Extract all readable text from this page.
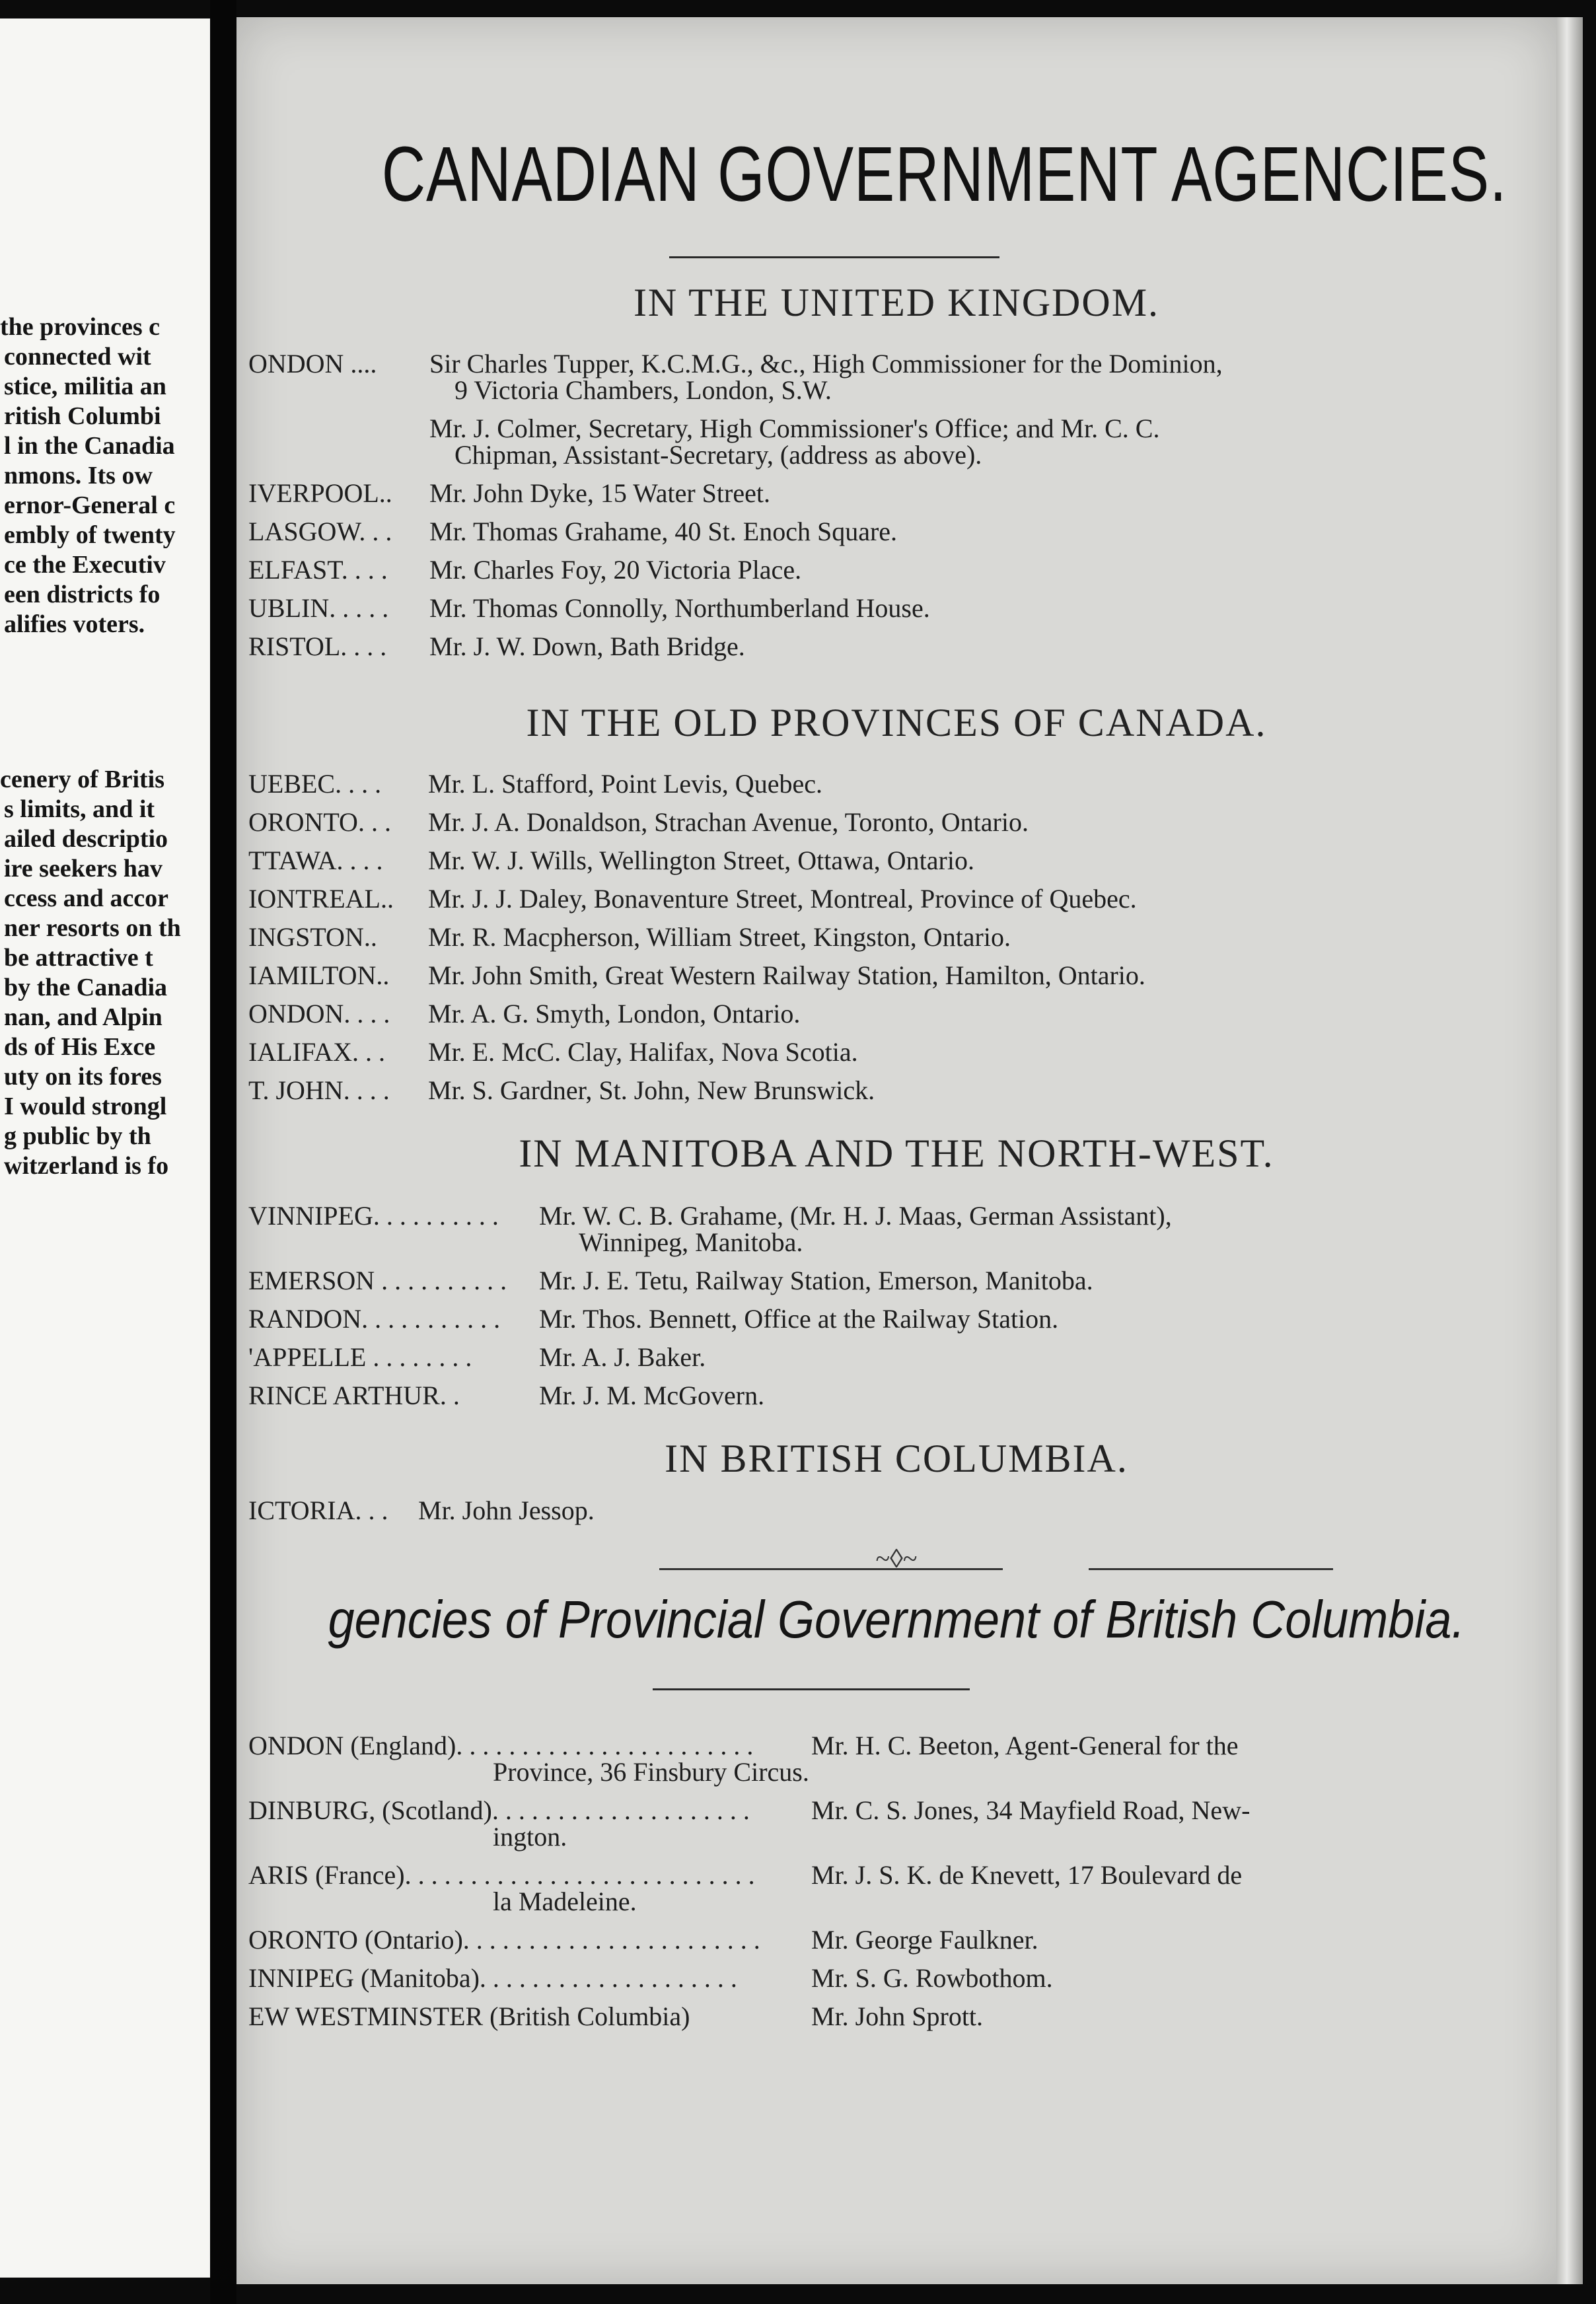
the provinces c
connected wit
stice, militia an
ritish Columbi
l in the Canadia
nmons. Its ow
ernor-General c
embly of twenty
ce the Executiv
een districts fo
alifies voters.
cenery of Britis
s limits, and it
ailed descriptio
ire seekers hav
ccess and accor
ner resorts on th
be attractive t
by the Canadia
nan, and Alpin
ds of His Exce
uty on its fores
I would strongl
g public by th
witzerland is fo
CANADIAN GOVERNMENT AGENCIES.
IN THE UNITED KINGDOM.
ONDON .... Sir Charles Tupper, K.C.M.G., &c., High Commissioner for the Dominion,
9 Victoria Chambers, London, S.W.
Mr. J. Colmer, Secretary, High Commissioner's Office; and Mr. C. C.
Chipman, Assistant-Secretary, (address as above).
IVERPOOL.. Mr. John Dyke, 15 Water Street.
LASGOW. . . Mr. Thomas Grahame, 40 St. Enoch Square.
ELFAST. . . . Mr. Charles Foy, 20 Victoria Place.
UBLIN. . . . . Mr. Thomas Connolly, Northumberland House.
RISTOL. . . . Mr. J. W. Down, Bath Bridge.
IN THE OLD PROVINCES OF CANADA.
UEBEC. . . . Mr. L. Stafford, Point Levis, Quebec.
ORONTO. . . Mr. J. A. Donaldson, Strachan Avenue, Toronto, Ontario.
TTAWA. . . . Mr. W. J. Wills, Wellington Street, Ottawa, Ontario.
IONTREAL.. Mr. J. J. Daley, Bonaventure Street, Montreal, Province of Quebec.
INGSTON.. Mr. R. Macpherson, William Street, Kingston, Ontario.
IAMILTON.. Mr. John Smith, Great Western Railway Station, Hamilton, Ontario.
ONDON. . . . Mr. A. G. Smyth, London, Ontario.
IALIFAX. . . Mr. E. McC. Clay, Halifax, Nova Scotia.
T. JOHN. . . . Mr. S. Gardner, St. John, New Brunswick.
IN MANITOBA AND THE NORTH-WEST.
VINNIPEG. . . . . . . . . . Mr. W. C. B. Grahame, (Mr. H. J. Maas, German Assistant),
Winnipeg, Manitoba.
EMERSON . . . . . . . . . . Mr. J. E. Tetu, Railway Station, Emerson, Manitoba.
RANDON. . . . . . . . . . . Mr. Thos. Bennett, Office at the Railway Station.
'APPELLE . . . . . . . .	Mr. A. J. Baker.
RINCE ARTHUR. .	Mr. J. M. McGovern.
IN BRITISH COLUMBIA.
ICTORIA. . . Mr. John Jessop.
~◊~
gencies of Provincial Government of British Columbia.
ONDON (England). . . . . . . . . . . . . . . . . . . . . . . Mr. H. C. Beeton, Agent-General for the
Province, 36 Finsbury Circus.
DINBURG, (Scotland). . . . . . . . . . . . . . . . . . . . Mr. C. S. Jones, 34 Mayfield Road, New-
ington.
ARIS (France). . . . . . . . . . . . . . . . . . . . . . . . . . . Mr. J. S. K. de Knevett, 17 Boulevard de
la Madeleine.
ORONTO (Ontario). . . . . . . . . . . . . . . . . . . . . . . Mr. George Faulkner.
INNIPEG (Manitoba). . . . . . . . . . . . . . . . . . . .	Mr. S. G. Rowbothom.
EW WESTMINSTER (British Columbia)	Mr. John Sprott.
